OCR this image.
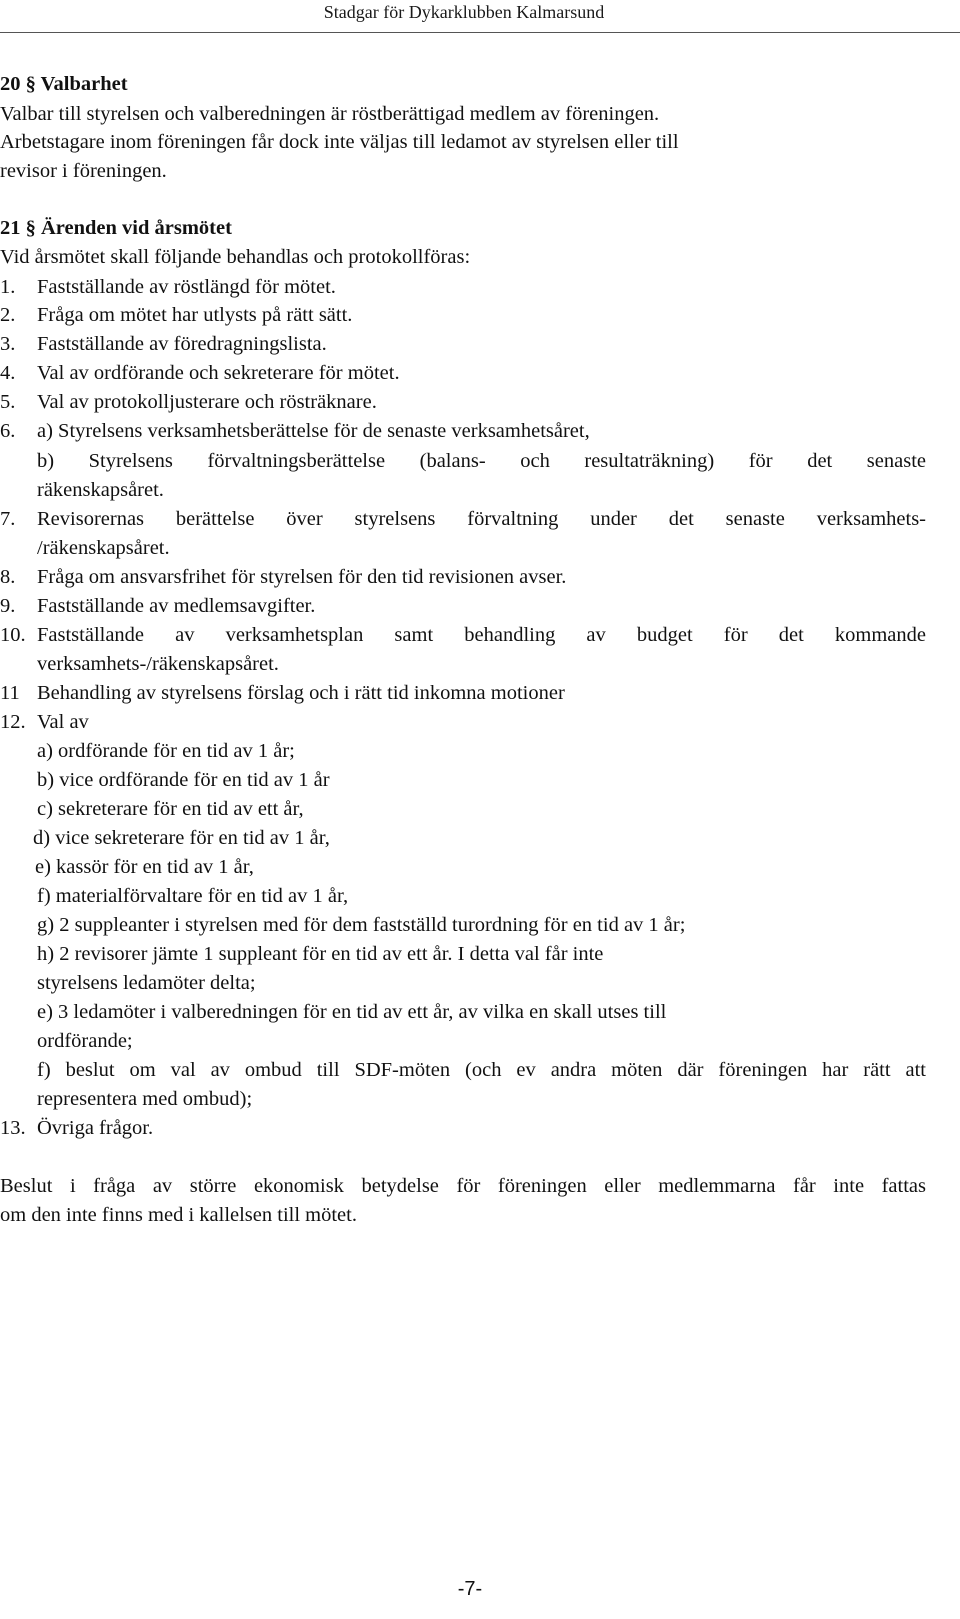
Stadgar för Dykarklubben Kalmarsund
20 § Valbarhet
Valbar till styrelsen och valberedningen är röstberättigad medlem av föreningen.
Arbetstagare inom föreningen får dock inte väljas till ledamot av styrelsen eller till
revisor i föreningen.
21 § Ärenden vid årsmötet
Vid årsmötet skall följande behandlas och protokollföras:
1. Fastställande av röstlängd för mötet.
2. Fråga om mötet har utlysts på rätt sätt.
3. Fastställande av föredragningslista.
4. Val av ordförande och sekreterare för mötet.
5. Val av protokolljusterare och rösträknare.
6. a) Styrelsens verksamhetsberättelse för de senaste verksamhetsåret,
b) Styrelsens förvaltningsberättelse (balans- och resultaträkning) för det senaste
räkenskapsåret.
7. Revisorernas berättelse över styrelsens förvaltning under det senaste verksamhets-
/räkenskapsåret.
8. Fråga om ansvarsfrihet för styrelsen för den tid revisionen avser.
9. Fastställande av medlemsavgifter.
10. Fastställande av verksamhetsplan samt behandling av budget för det kommande
verksamhets-/räkenskapsåret.
11 Behandling av styrelsens förslag och i rätt tid inkomna motioner
12. Val av
a) ordförande för en tid av 1 år;
b) vice ordförande för en tid av 1 år
c) sekreterare för en tid av ett år,
d) vice sekreterare för en tid av 1 år,
e) kassör för en tid av 1 år,
f) materialförvaltare för en tid av 1 år,
g) 2 suppleanter i styrelsen med för dem fastställd turordning för en tid av 1 år;
h) 2 revisorer jämte 1 suppleant för en tid av ett år. I detta val får inte
styrelsens ledamöter delta;
e) 3 ledamöter i valberedningen för en tid av ett år, av vilka en skall utses till
ordförande;
f) beslut om val av ombud till SDF-möten (och ev andra möten där föreningen har rätt att
representera med ombud);
13. Övriga frågor.
Beslut i fråga av större ekonomisk betydelse för föreningen eller medlemmarna får inte fattas
om den inte finns med i kallelsen till mötet.
-7-
